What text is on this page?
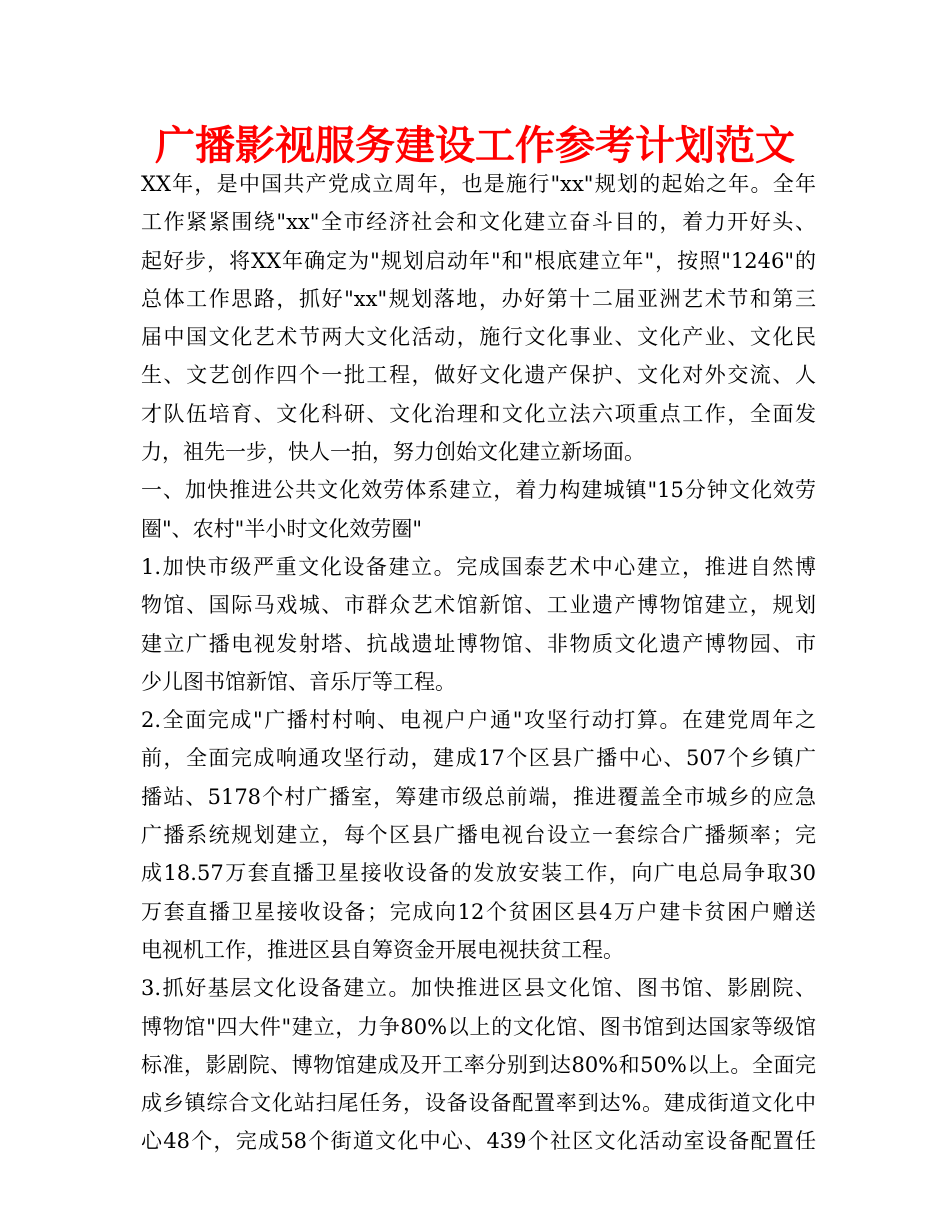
广播影视服务建设工作参考计划范文
XX年，是中国共产党成立周年，也是施行"xx"规划的起始之年。全年
工作紧紧围绕"xx"全市经济社会和文化建立奋斗目的，着力开好头、
起好步，将XX年确定为"规划启动年"和"根底建立年"，按照"1246"的
总体工作思路，抓好"xx"规划落地，办好第十二届亚洲艺术节和第三
届中国文化艺术节两大文化活动，施行文化事业、文化产业、文化民
生、文艺创作四个一批工程，做好文化遗产保护、文化对外交流、人
才队伍培育、文化科研、文化治理和文化立法六项重点工作，全面发
力，祖先一步，快人一拍，努力创始文化建立新场面。
一、加快推进公共文化效劳体系建立，着力构建城镇"15分钟文化效劳
圈"、农村"半小时文化效劳圈"
1.加快市级严重文化设备建立。完成国泰艺术中心建立，推进自然博
物馆、国际马戏城、市群众艺术馆新馆、工业遗产博物馆建立，规划
建立广播电视发射塔、抗战遗址博物馆、非物质文化遗产博物园、市
少儿图书馆新馆、音乐厅等工程。
2.全面完成"广播村村响、电视户户通"攻坚行动打算。在建党周年之
前，全面完成响通攻坚行动，建成17个区县广播中心、507个乡镇广
播站、5178个村广播室，筹建市级总前端，推进覆盖全市城乡的应急
广播系统规划建立，每个区县广播电视台设立一套综合广播频率；完
成18.57万套直播卫星接收设备的发放安装工作，向广电总局争取30
万套直播卫星接收设备；完成向12个贫困区县4万户建卡贫困户赠送
电视机工作，推进区县自筹资金开展电视扶贫工程。
3.抓好基层文化设备建立。加快推进区县文化馆、图书馆、影剧院、
博物馆"四大件"建立，力争80%以上的文化馆、图书馆到达国家等级馆
标准，影剧院、博物馆建成及开工率分别到达80%和50%以上。全面完
成乡镇综合文化站扫尾任务，设备设备配置率到达%。建成街道文化中
心48个，完成58个街道文化中心、439个社区文化活动室设备配置任
